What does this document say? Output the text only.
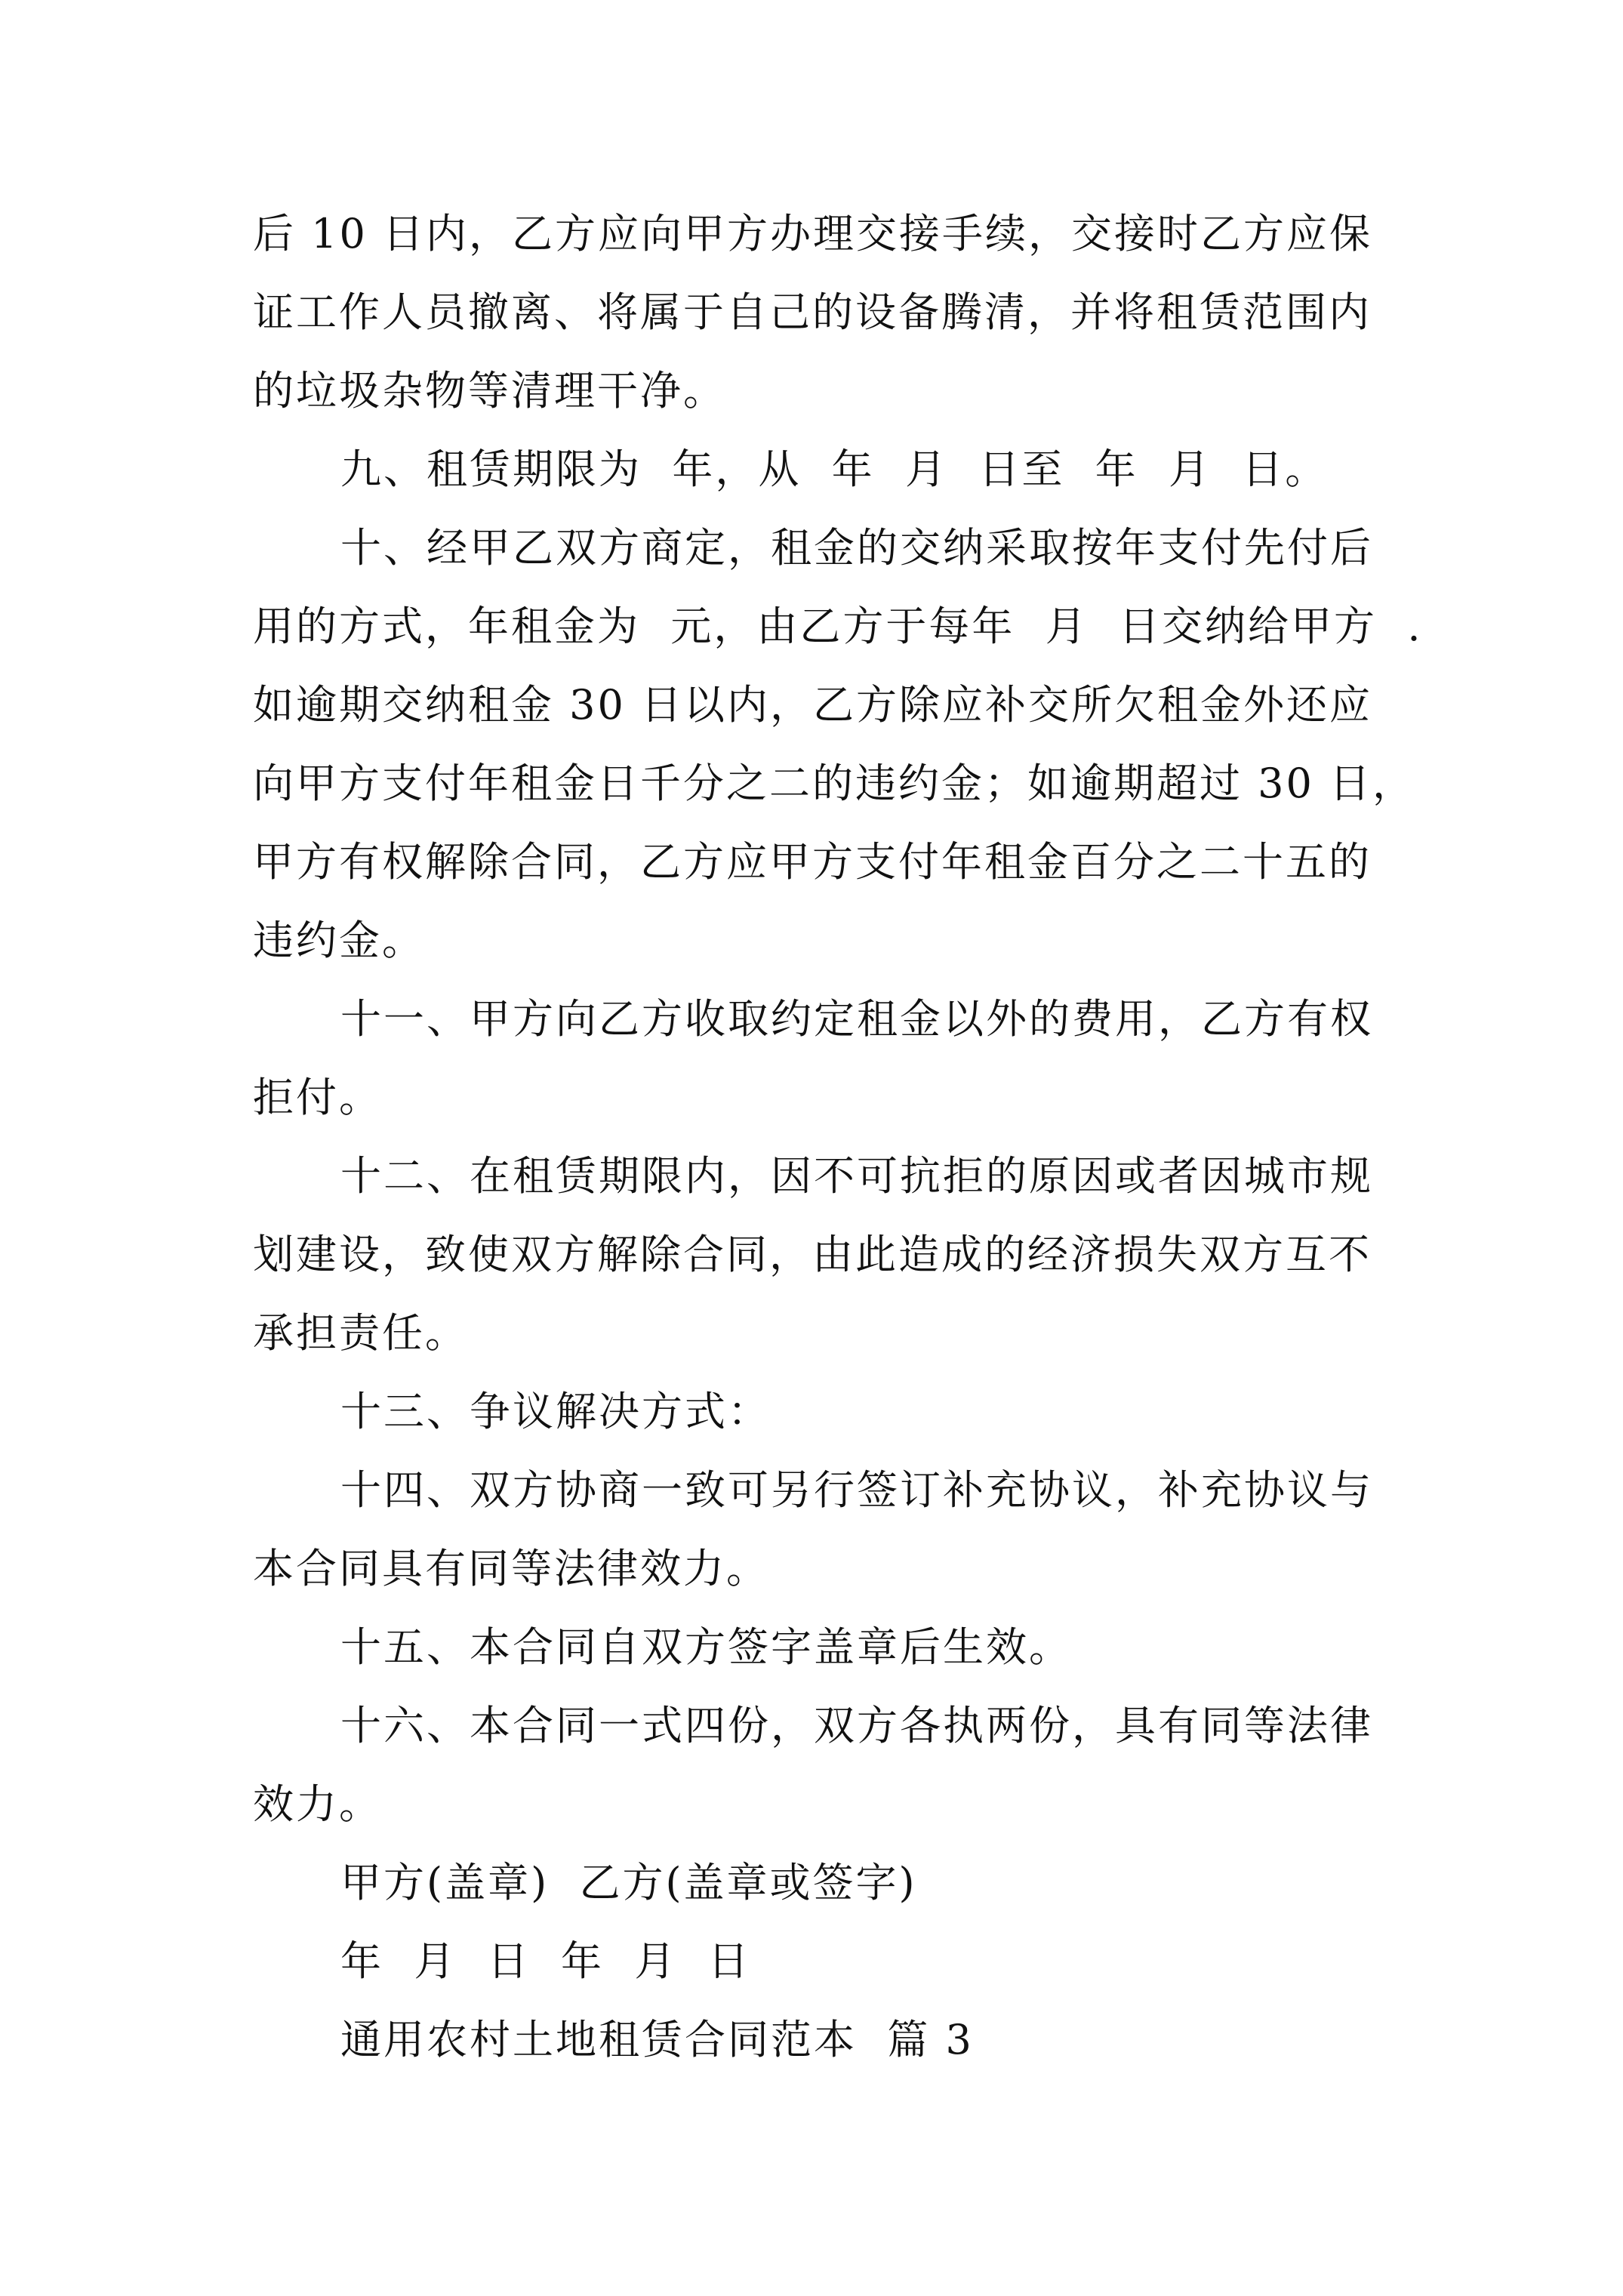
后 10 日内，乙方应向甲方办理交接手续，交接时乙方应保
证工作人员撤离、将属于自己的设备腾清，并将租赁范围内
的垃圾杂物等清理干净。
九、租赁期限为  年，从  年  月  日至  年  月  日。
十、经甲乙双方商定，租金的交纳采取按年支付先付后
用的方式，年租金为  元，由乙方于每年  月  日交纳给甲方  .
如逾期交纳租金 30 日以内，乙方除应补交所欠租金外还应
向甲方支付年租金日千分之二的违约金；如逾期超过 30 日，
甲方有权解除合同，乙方应甲方支付年租金百分之二十五的
违约金。
十一、甲方向乙方收取约定租金以外的费用，乙方有权
拒付。
十二、在租赁期限内，因不可抗拒的原因或者因城市规
划建设，致使双方解除合同，由此造成的经济损失双方互不
承担责任。
十三、争议解决方式：
十四、双方协商一致可另行签订补充协议，补充协议与
本合同具有同等法律效力。
十五、本合同自双方签字盖章后生效。
十六、本合同一式四份，双方各执两份，具有同等法律
效力。
甲方(盖章)  乙方(盖章或签字)
年  月  日  年  月  日
通用农村土地租赁合同范本  篇 3
